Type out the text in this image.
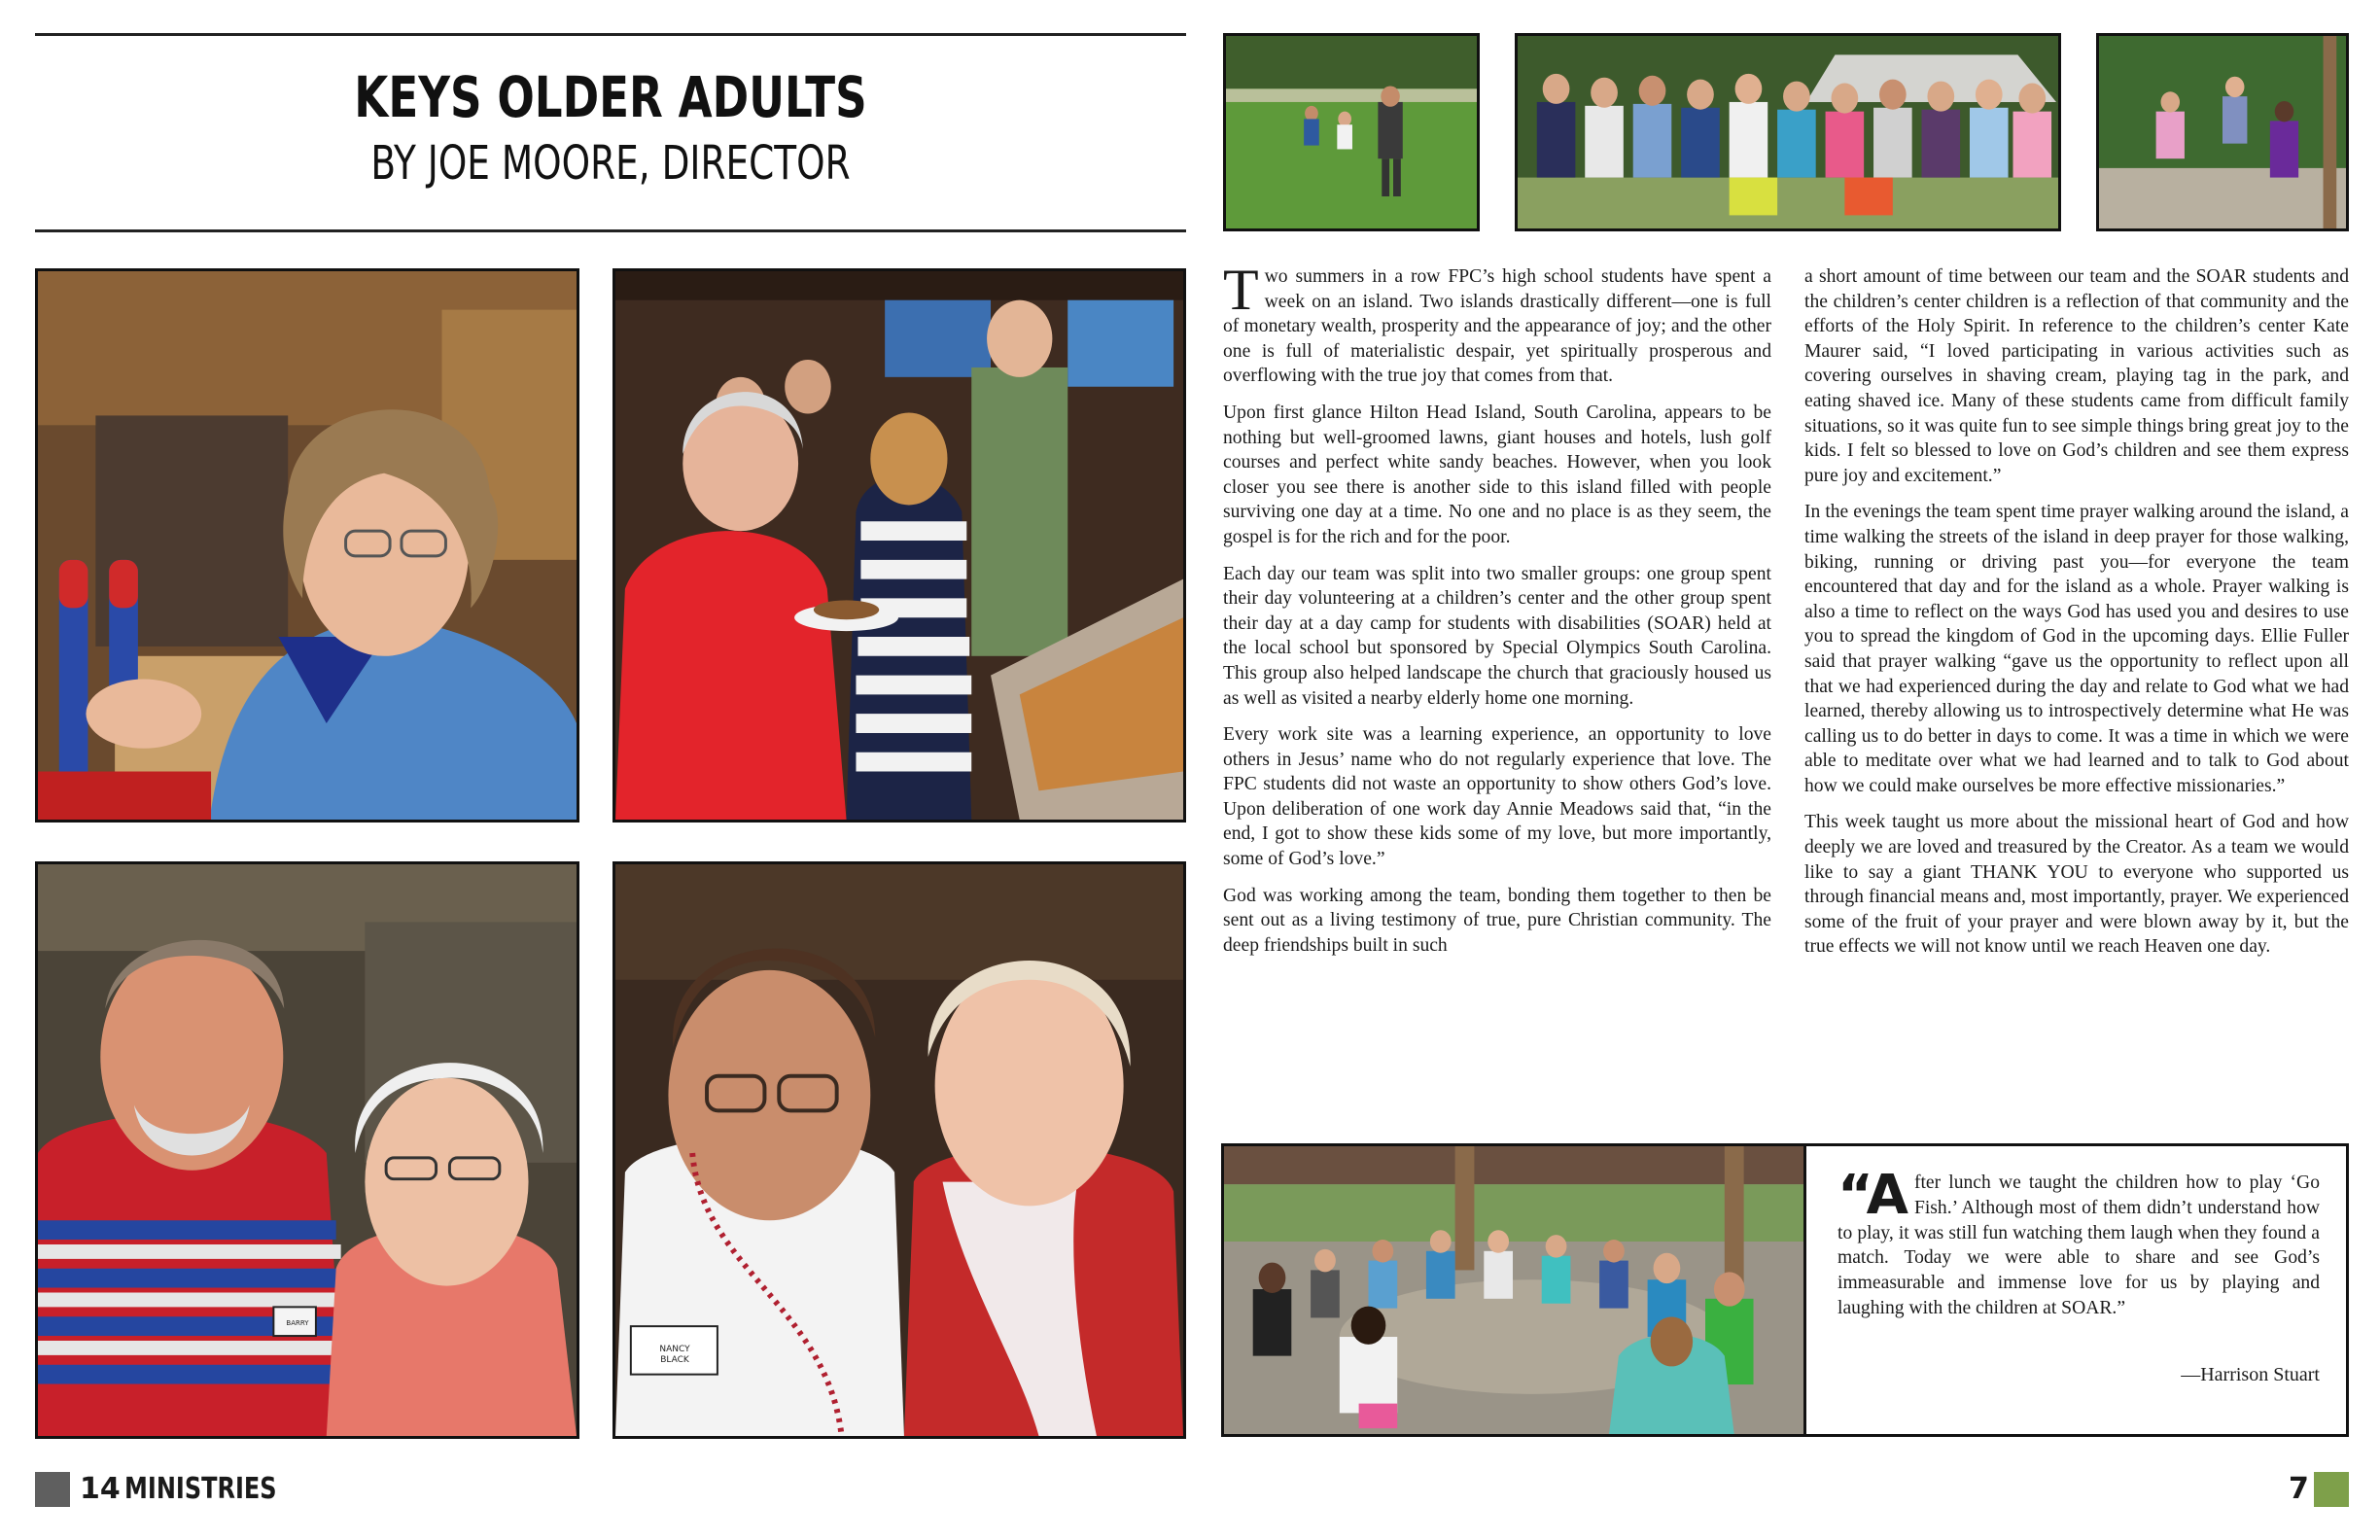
KEYS OLDER ADULTS
BY JOE MOORE, DIRECTOR
BARRY
NANCY
BLACK

Two summers in a row FPC’s high school students have spent a week on an island. Two islands drastically different—one is full of monetary wealth, prosperity and the appearance of joy; and the other one is full of materialistic despair, yet spiritually prosperous and overflowing with the true joy that comes from that.

Upon first glance Hilton Head Island, South Carolina, appears to be nothing but well-groomed lawns, giant houses and hotels, lush golf courses and perfect white sandy beaches. However, when you look closer you see there is another side to this island filled with people surviving one day at a time. No one and no place is as they seem, the gospel is for the rich and for the poor.

Each day our team was split into two smaller groups: one group spent their day volunteering at a children’s center and the other group spent their day at a day camp for students with disabilities (SOAR) held at the local school but sponsored by Special Olympics South Carolina. This group also helped landscape the church that graciously housed us as well as visited a nearby elderly home one morning.

Every work site was a learning experience, an opportunity to love others in Jesus’ name who do not regularly experience that love. The FPC students did not waste an opportunity to show others God’s love. Upon deliberation of one work day Annie Meadows said that, “in the end, I got to show these kids some of my love, but more importantly, some of God’s love.”

God was working among the team, bonding them together to then be sent out as a living testimony of true, pure Christian community. The deep friendships built in such

a short amount of time between our team and the SOAR students and the children’s center children is a reflection of that community and the efforts of the Holy Spirit. In reference to the children’s center Kate Maurer said, “I loved participating in various activities such as covering ourselves in shaving cream, playing tag in the park, and eating shaved ice. Many of these students came from difficult family situations, so it was quite fun to see simple things bring great joy to the kids. I felt so blessed to love on God’s children and see them express pure joy and excitement.”

In the evenings the team spent time prayer walking around the island, a time walking the streets of the island in deep prayer for those walking, biking, running or driving past you—for everyone the team encountered that day and for the island as a whole. Prayer walking is also a time to reflect on the ways God has used you and desires to use you to spread the kingdom of God in the upcoming days. Ellie Fuller said that prayer walking “gave us the opportunity to reflect upon all that we had experienced during the day and relate to God what we had learned, thereby allowing us to introspectively determine what He was calling us to do better in days to come. It was a time in which we were able to meditate over what we had learned and to talk to God about how we could make ourselves be more effective missionaries.”

This week taught us more about the missional heart of God and how deeply we are loved and treasured by the Creator. As a team we would like to say a giant THANK YOU to everyone who supported us through financial means and, most importantly, prayer. We experienced some of the fruit of your prayer and were blown away by it, but the true effects we will not know until we reach Heaven one day.

“After lunch we taught the children how to play ‘Go Fish.’ Although most of them didn’t understand how to play, it was still fun watching them laugh when they found a match. Today we were able to share and see God’s immeasurable and immense love for us by playing and laughing with the children at SOAR.”
—Harrison Stuart
14 MINISTRIES	7
